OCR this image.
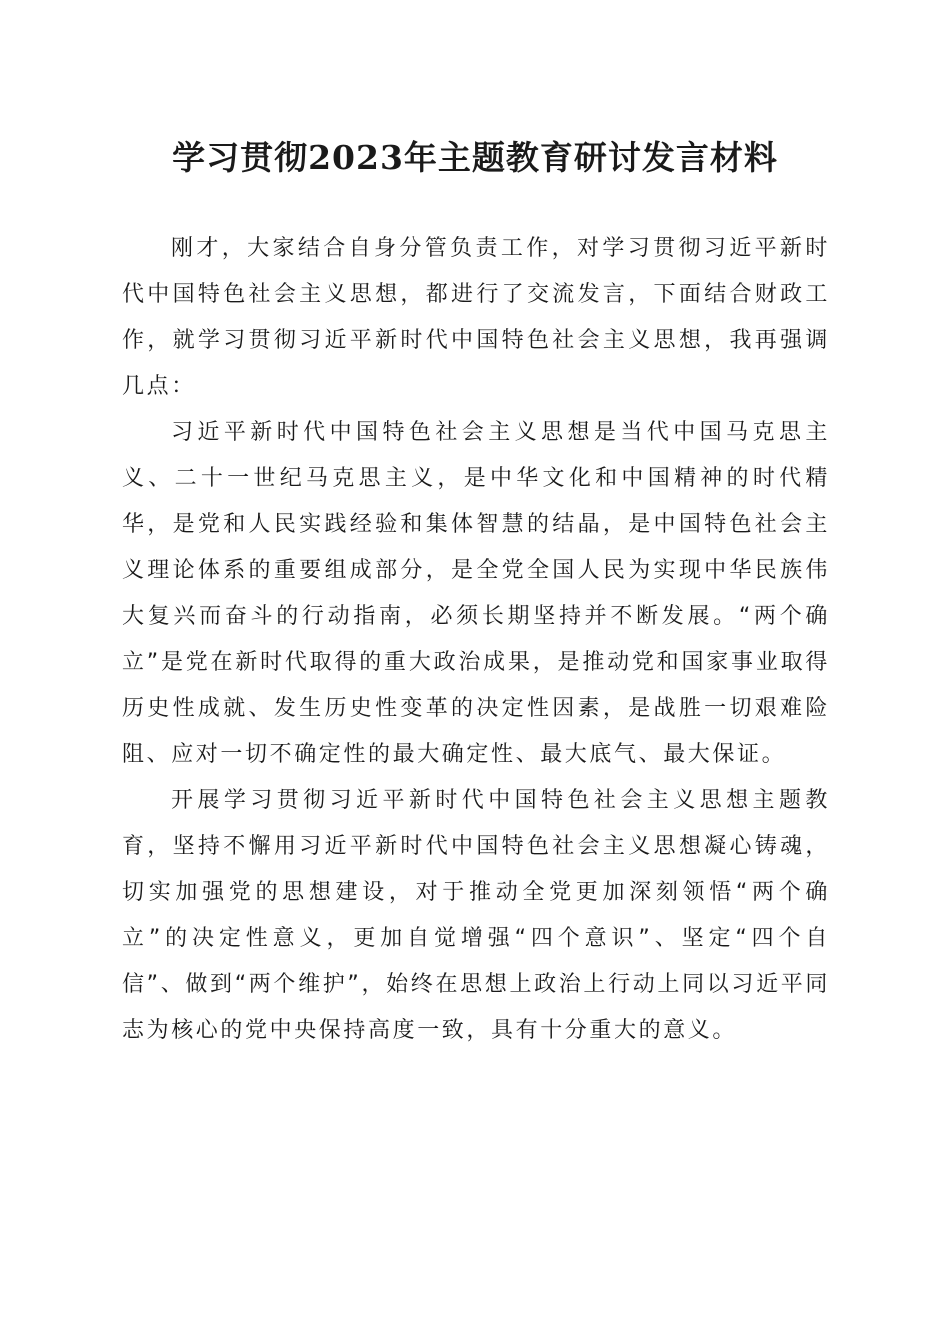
学习贯彻2023年主题教育研讨发言材料

刚才，大家结合自身分管负责工作，对学习贯彻习近平新时代中国特色社会主义思想，都进行了交流发言，下面结合财政工作，就学习贯彻习近平新时代中国特色社会主义思想，我再强调几点：

习近平新时代中国特色社会主义思想是当代中国马克思主义、二十一世纪马克思主义，是中华文化和中国精神的时代精华，是党和人民实践经验和集体智慧的结晶，是中国特色社会主义理论体系的重要组成部分，是全党全国人民为实现中华民族伟大复兴而奋斗的行动指南，必须长期坚持并不断发展。“两个确立”是党在新时代取得的重大政治成果，是推动党和国家事业取得历史性成就、发生历史性变革的决定性因素，是战胜一切艰难险阻、应对一切不确定性的最大确定性、最大底气、最大保证。

开展学习贯彻习近平新时代中国特色社会主义思想主题教育，坚持不懈用习近平新时代中国特色社会主义思想凝心铸魂，切实加强党的思想建设，对于推动全党更加深刻领悟“两个确立”的决定性意义，更加自觉增强“四个意识”、坚定“四个自信”、做到“两个维护”，始终在思想上政治上行动上同以习近平同志为核心的党中央保持高度一致，具有十分重大的意义。
